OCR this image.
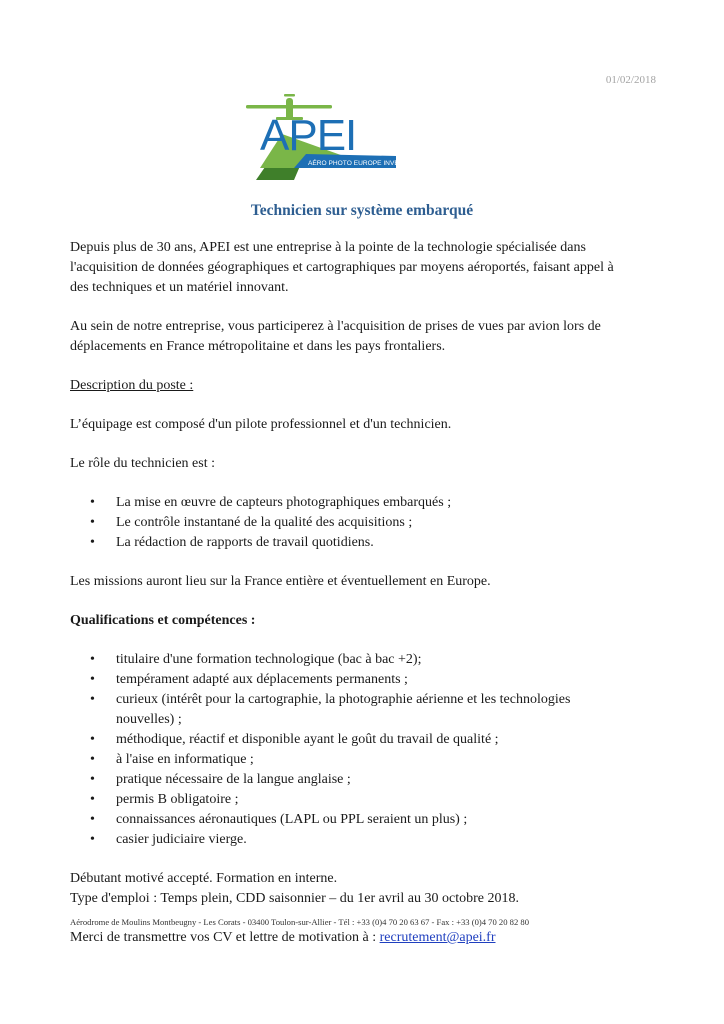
01/02/2018
APEI
AÉRO PHOTO EUROPE INVESTIGATION
Technicien sur système embarqué

Depuis plus de 30 ans, APEI est une entreprise à la pointe de la technologie spécialisée dans
l'acquisition de données géographiques et cartographiques par moyens aéroportés, faisant appel à
des techniques et un matériel innovant.

Au sein de notre entreprise, vous participerez à l'acquisition de prises de vues par avion lors de
déplacements en France métropolitaine et dans les pays frontaliers.

Description du poste :

L’équipage est composé d'un pilote professionnel et d'un technicien.

Le rôle du technicien est :

• La mise en œuvre de capteurs photographiques embarqués ;
• Le contrôle instantané de la qualité des acquisitions ;
• La rédaction de rapports de travail quotidiens.

Les missions auront lieu sur la France entière et éventuellement en Europe.

Qualifications et compétences :

• titulaire d'une formation technologique (bac à bac +2);
• tempérament adapté aux déplacements permanents ;
• curieux (intérêt pour la cartographie, la photographie aérienne et les technologies nouvelles) ;
• méthodique, réactif et disponible ayant le goût du travail de qualité ;
• à l'aise en informatique ;
• pratique nécessaire de la langue anglaise ;
• permis B obligatoire ;
• connaissances aéronautiques (LAPL ou PPL seraient un plus) ;
• casier judiciaire vierge.

Débutant motivé accepté. Formation en interne.
Type d'emploi : Temps plein, CDD saisonnier – du 1er avril au 30 octobre 2018.

Merci de transmettre vos CV et lettre de motivation à : recrutement@apei.fr

Aérodrome de Moulins Montbeugny - Les Corats - 03400 Toulon-sur-Allier - Tél : +33 (0)4 70 20 63 67 - Fax : +33 (0)4 70 20 82 80
